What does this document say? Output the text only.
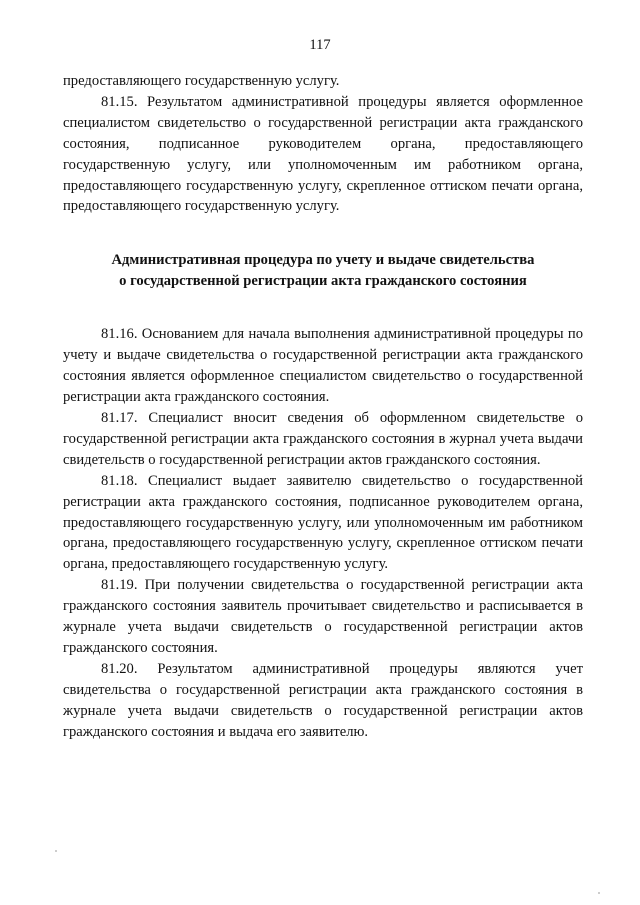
117

предоставляющего государственную услугу.

81.15. Результатом административной процедуры является оформленное специалистом свидетельство о государственной регистрации акта гражданского состояния, подписанное руководителем органа, предоставляющего государственную услугу, или уполномоченным им работником органа, предоставляющего государственную услугу, скрепленное оттиском печати органа, предоставляющего государственную услугу.

Административная процедура по учету и выдаче свидетельства
о государственной регистрации акта гражданского состояния

81.16. Основанием для начала выполнения административной процедуры по учету и выдаче свидетельства о государственной регистрации акта гражданского состояния является оформленное специалистом свидетельство о государственной регистрации акта гражданского состояния.

81.17. Специалист вносит сведения об оформленном свидетельстве о государственной регистрации акта гражданского состояния в журнал учета выдачи свидетельств о государственной регистрации актов гражданского состояния.

81.18. Специалист выдает заявителю свидетельство о государственной регистрации акта гражданского состояния, подписанное руководителем органа, предоставляющего государственную услугу, или уполномоченным им работником органа, предоставляющего государственную услугу, скрепленное оттиском печати органа, предоставляющего государственную услугу.

81.19. При получении свидетельства о государственной регистрации акта гражданского состояния заявитель прочитывает свидетельство и расписывается в журнале учета выдачи свидетельств о государственной регистрации актов гражданского состояния.

81.20. Результатом административной процедуры являются учет свидетельства о государственной регистрации акта гражданского состояния в журнале учета выдачи свидетельств о государственной регистрации актов гражданского состояния и выдача его заявителю.
